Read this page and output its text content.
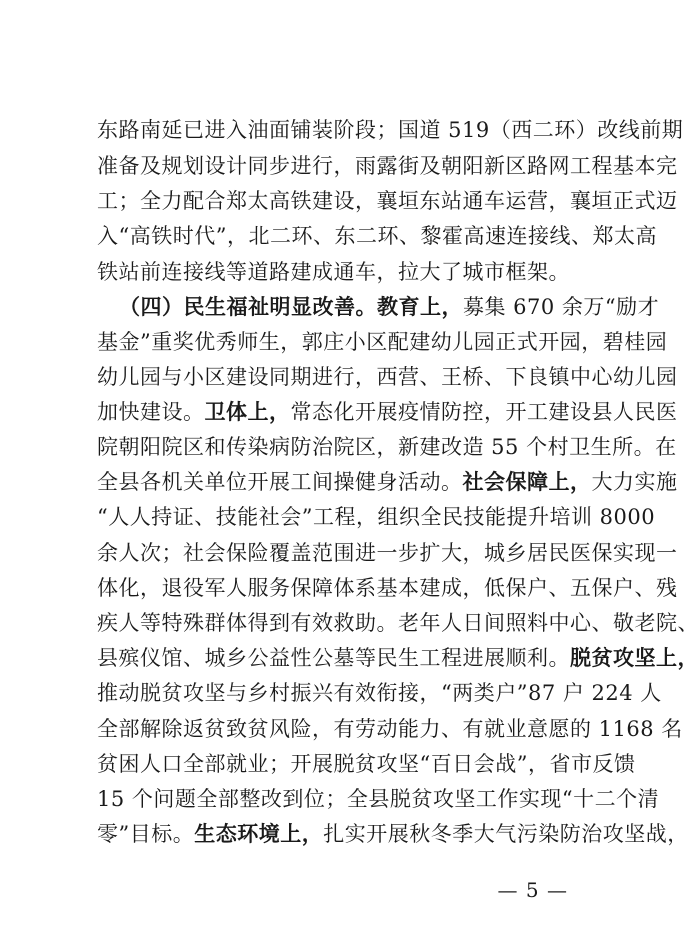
东路南延已进入油面铺装阶段；国道 519（西二环）改线前期
准备及规划设计同步进行，雨露街及朝阳新区路网工程基本完
工；全力配合郑太高铁建设，襄垣东站通车运营，襄垣正式迈
入“高铁时代”，北二环、东二环、黎霍高速连接线、郑太高
铁站前连接线等道路建成通车，拉大了城市框架。
（四）民生福祉明显改善。教育上，募集 670 余万“励才
基金”重奖优秀师生，郭庄小区配建幼儿园正式开园，碧桂园
幼儿园与小区建设同期进行，西营、王桥、下良镇中心幼儿园
加快建设。卫体上，常态化开展疫情防控，开工建设县人民医
院朝阳院区和传染病防治院区，新建改造 55 个村卫生所。在
全县各机关单位开展工间操健身活动。社会保障上，大力实施
“人人持证、技能社会”工程，组织全民技能提升培训 8000
余人次；社会保险覆盖范围进一步扩大，城乡居民医保实现一
体化，退役军人服务保障体系基本建成，低保户、五保户、残
疾人等特殊群体得到有效救助。老年人日间照料中心、敬老院、
县殡仪馆、城乡公益性公墓等民生工程进展顺利。脱贫攻坚上，
推动脱贫攻坚与乡村振兴有效衔接，“两类户”87 户 224 人
全部解除返贫致贫风险，有劳动能力、有就业意愿的 1168 名
贫困人口全部就业；开展脱贫攻坚“百日会战”，省市反馈
15 个问题全部整改到位；全县脱贫攻坚工作实现“十二个清
零”目标。生态环境上，扎实开展秋冬季大气污染防治攻坚战，
— 5 —
